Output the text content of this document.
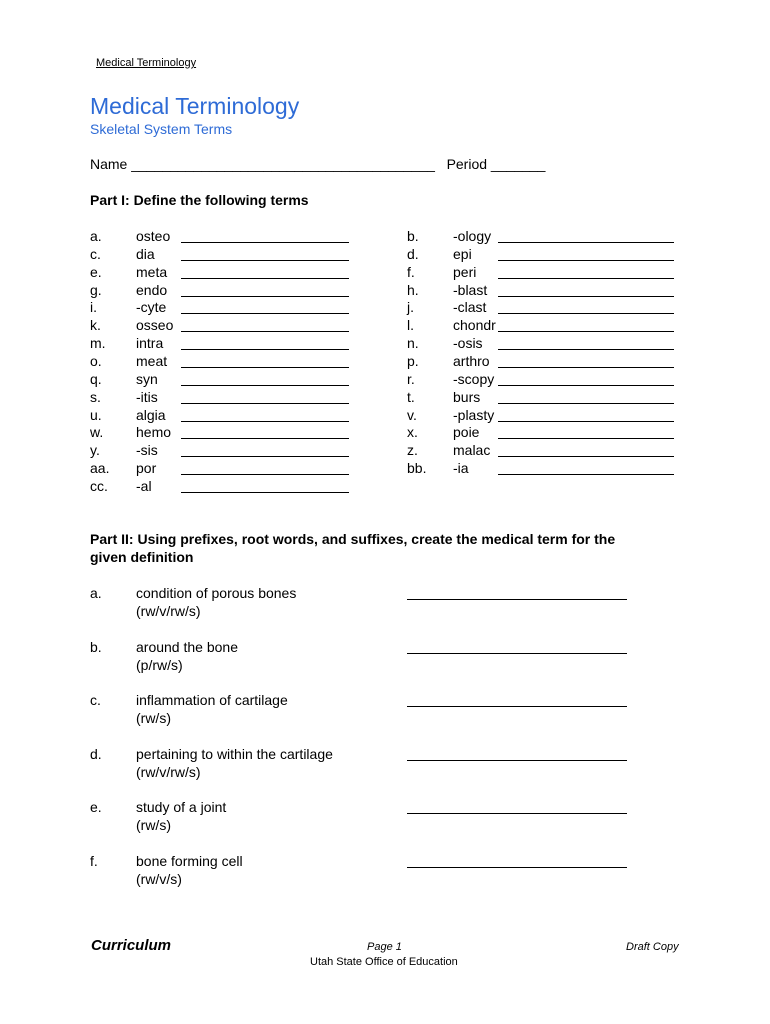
Medical Terminology
Medical Terminology
Skeletal System Terms
Name _______________________________________   Period _______
Part I: Define the following terms
a. osteo
c.	dia
e. meta
g. endo
i.	-cyte
k.	osseo
m. intra
o. meat
q. syn
s.	-itis
u. algia
w. hemo
y.	-sis
aa. por
cc. -al
b. -ology
d. epi
f.	peri
h. -blast
j.	-clast
l.	chondr
n. -osis
p. arthro
r.	-scopy
t.	burs
v.	-plasty
x.	poie
z.	malac
bb. -ia
Part II: Using prefixes, root words, and suffixes, create the medical term for the
given definition
a. condition of porous bones
(rw/v/rw/s)
b. around the bone
(p/rw/s)
c.	inflammation of cartilage
(rw/s)
d. pertaining to within the cartilage
(rw/v/rw/s)
e. study of a joint
(rw/s)
f.	bone forming cell
(rw/v/s)
Curriculum	Page 1
Utah State Office of Education
Draft Copy
